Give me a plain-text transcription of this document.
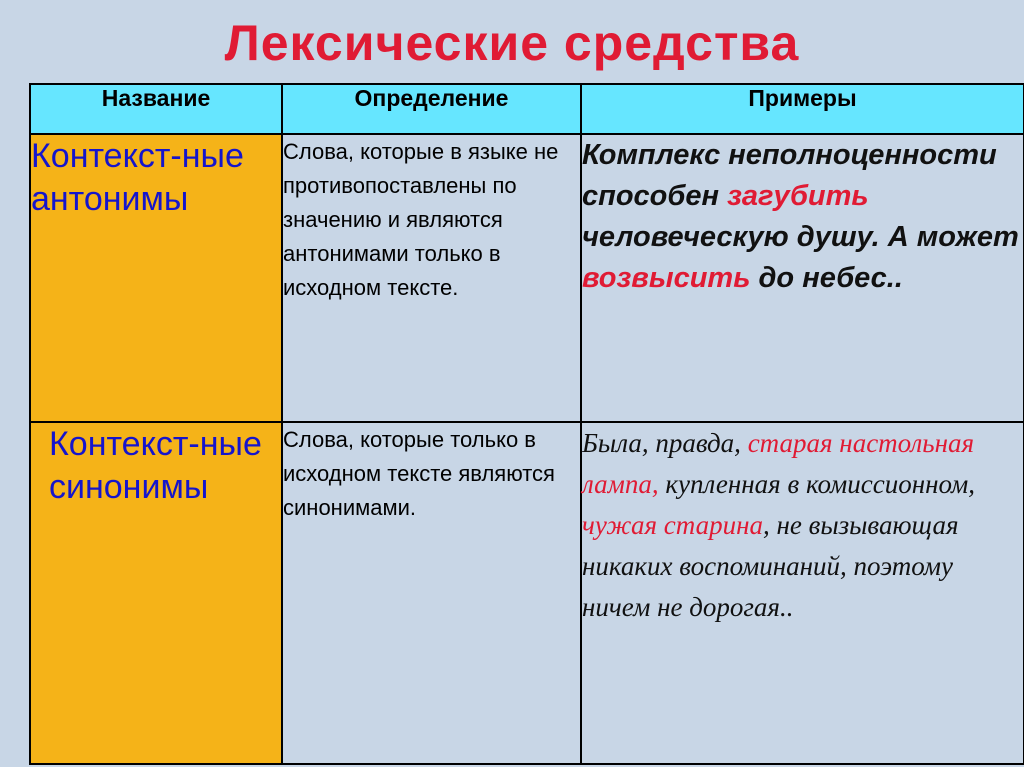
Лексические средства
Название	Определение	Примеры
Контекст-ные антонимы	Слова, которые в языке не противопоставлены по значению и являются антонимами только в исходном тексте.	Комплекс неполноценности способен загубить человеческую душу. А может возвысить до небес..
Контекст-ные синонимы	Слова, которые только в исходном тексте являются синонимами.	Была, правда, старая настольная лампа, купленная в комиссионном, чужая старина, не вызывающая никаких воспоминаний, поэтому ничем не дорогая..
